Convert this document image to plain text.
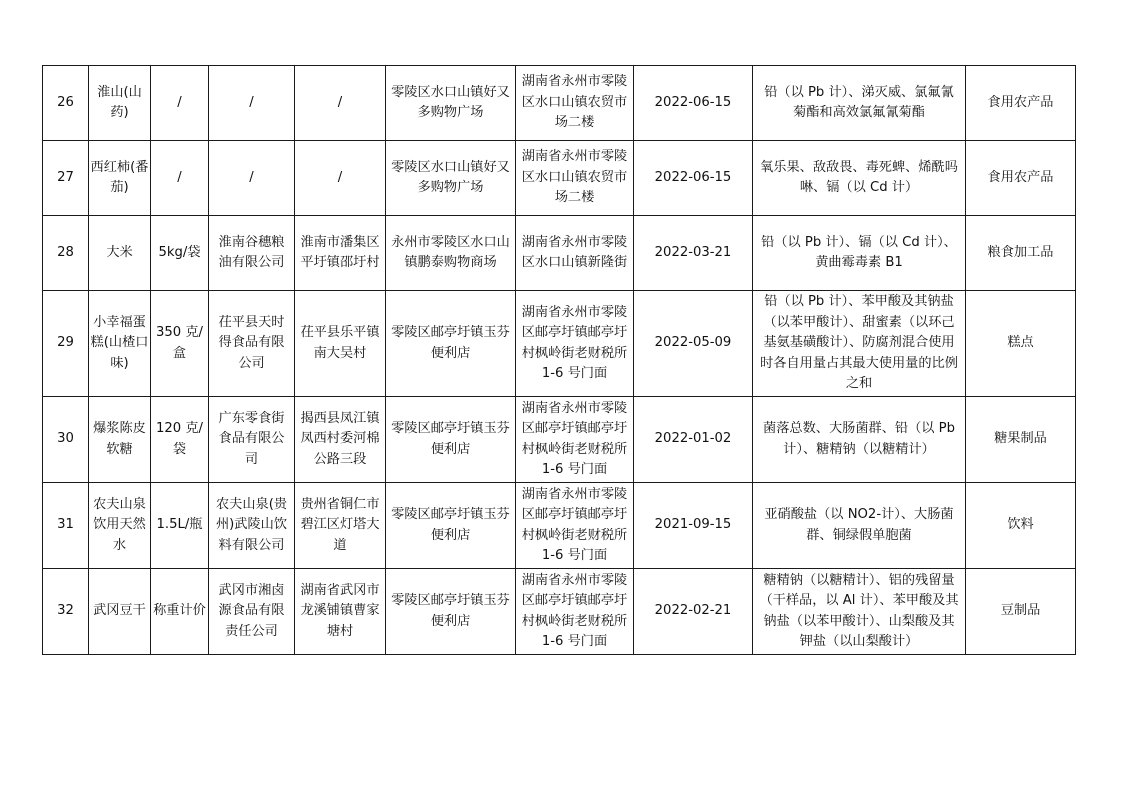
26	淮山(山药)	/	/	/	零陵区水口山镇好又多购物广场	湖南省永州市零陵区水口山镇农贸市场二楼	2022-06-15	铅（以 Pb 计）、涕灭威、氯氟氰菊酯和高效氯氟氰菊酯	食用农产品
27	西红柿(番茄)	/	/	/	零陵区水口山镇好又多购物广场	湖南省永州市零陵区水口山镇农贸市场二楼	2022-06-15	氧乐果、敌敌畏、毒死蜱、烯酰吗啉、镉（以 Cd 计）	食用农产品
28	大米	5kg/袋	淮南谷穗粮油有限公司	淮南市潘集区平圩镇邵圩村	永州市零陵区水口山镇鹏泰购物商场	湖南省永州市零陵区水口山镇新隆街	2022-03-21	铅（以 Pb 计）、镉（以 Cd 计）、黄曲霉毒素 B1	粮食加工品
29	小幸福蛋糕(山楂口味)	350 克/盒	茌平县天时得食品有限公司	茌平县乐平镇南大吴村	零陵区邮亭圩镇玉芬便利店	湖南省永州市零陵区邮亭圩镇邮亭圩村枫岭街老财税所 1-6 号门面	2022-05-09	铅（以 Pb 计）、苯甲酸及其钠盐（以苯甲酸计）、甜蜜素（以环己基氨基磺酸计）、防腐剂混合使用时各自用量占其最大使用量的比例之和	糕点
30	爆浆陈皮软糖	120 克/袋	广东零食街食品有限公司	揭西县凤江镇凤西村委河棉公路三段	零陵区邮亭圩镇玉芬便利店	湖南省永州市零陵区邮亭圩镇邮亭圩村枫岭街老财税所 1-6 号门面	2022-01-02	菌落总数、大肠菌群、铅（以 Pb 计）、糖精钠（以糖精计）	糖果制品
31	农夫山泉饮用天然水	1.5L/瓶	农夫山泉(贵州)武陵山饮料有限公司	贵州省铜仁市碧江区灯塔大道	零陵区邮亭圩镇玉芬便利店	湖南省永州市零陵区邮亭圩镇邮亭圩村枫岭街老财税所 1-6 号门面	2021-09-15	亚硝酸盐（以 NO2-计）、大肠菌群、铜绿假单胞菌	饮料
32	武冈豆干	称重计价	武冈市湘卤源食品有限责任公司	湖南省武冈市龙溪铺镇曹家塘村	零陵区邮亭圩镇玉芬便利店	湖南省永州市零陵区邮亭圩镇邮亭圩村枫岭街老财税所 1-6 号门面	2022-02-21	糖精钠（以糖精计）、铝的残留量（干样品，以 Al 计）、苯甲酸及其钠盐（以苯甲酸计）、山梨酸及其钾盐（以山梨酸计）	豆制品
